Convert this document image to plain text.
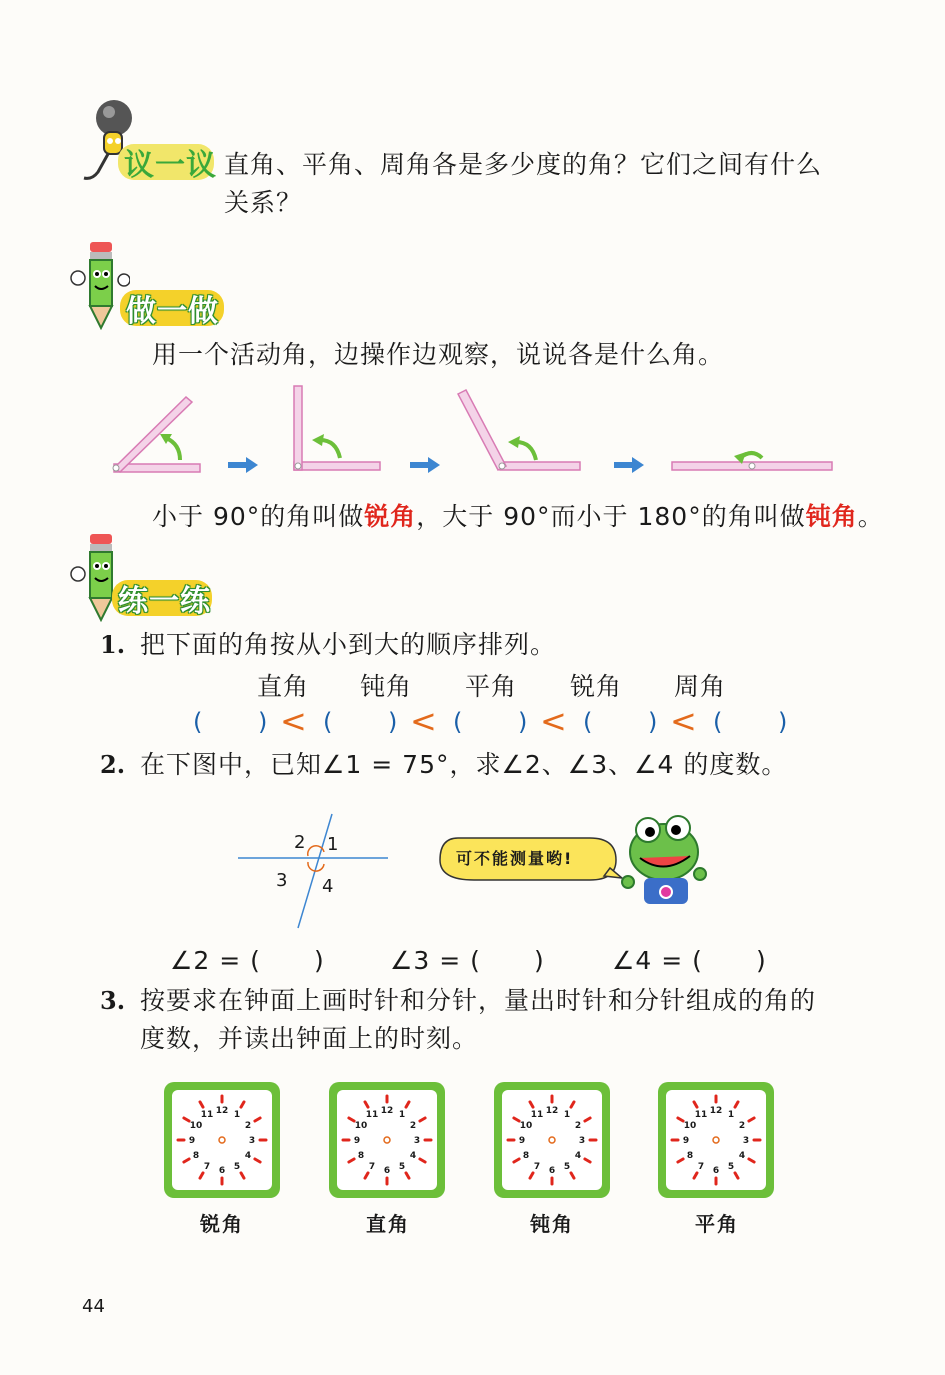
议一议 直角、平角、周角各是多少度的角？它们之间有什么
关系？
做一做
用一个活动角，边操作边观察，说说各是什么角。
小于 90°的角叫做锐角，大于 90°而小于 180°的角叫做钝角。
练一练
1. 把下面的角按从小到大的顺序排列。
直角 钝角 平角 锐角 周角
( ) < ( ) < ( ) < ( ) < ( )
2. 在下图中，已知∠1 = 75°，求∠2、∠3、∠4 的度数。
2 1
3 4
可不能测量哟!
∠2 = ( )	∠3 = ( )	∠4 = ( )
3. 按要求在钟面上画时针和分针，量出时针和分针组成的角的
度数，并读出钟面上的时刻。
1
2
3
4
5
6
7
8
9
10
11 12	1
2
3
4
5
6
7
8
9
10
11 12	1
2
3
4
5
6
7
8
9
10
11 12	1
2
3
4
5
6
7
8
9
10
11 12
锐角	直角	钝角	平角
44
